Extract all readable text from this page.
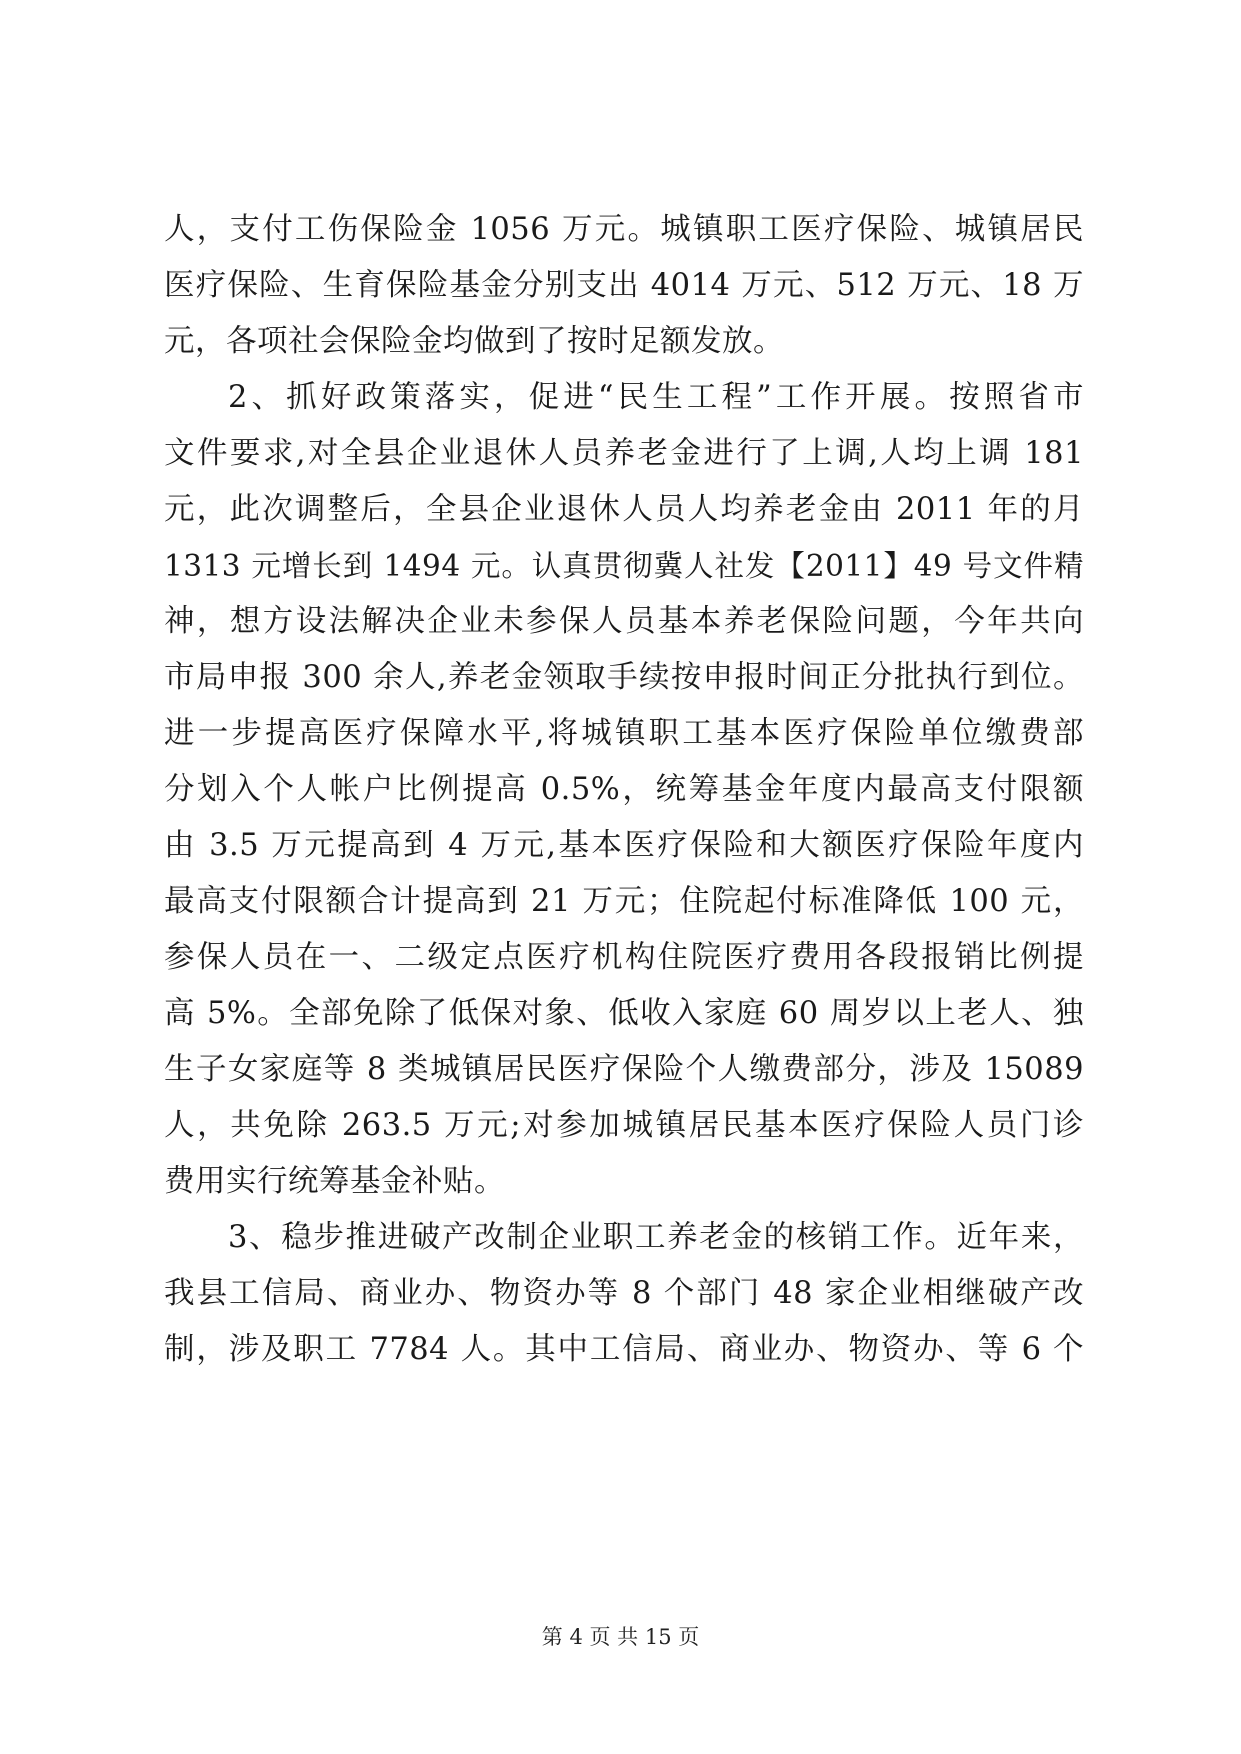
人，支付工伤保险金 1056 万元。城镇职工医疗保险、城镇居民
医疗保险、生育保险基金分别支出 4014 万元、512 万元、18 万
元，各项社会保险金均做到了按时足额发放。
2、抓好政策落实，促进“民生工程”工作开展。按照省市
文件要求,对全县企业退休人员养老金进行了上调,人均上调 181
元，此次调整后，全县企业退休人员人均养老金由 2011 年的月
1313 元增长到 1494 元。认真贯彻冀人社发【2011】49 号文件精
神，想方设法解决企业未参保人员基本养老保险问题，今年共向
市局申报 300 余人,养老金领取手续按申报时间正分批执行到位。
进一步提高医疗保障水平,将城镇职工基本医疗保险单位缴费部
分划入个人帐户比例提高 0.5%，统筹基金年度内最高支付限额
由 3.5 万元提高到 4 万元,基本医疗保险和大额医疗保险年度内
最高支付限额合计提高到 21 万元；住院起付标准降低 100 元，
参保人员在一、二级定点医疗机构住院医疗费用各段报销比例提
高 5%。全部免除了低保对象、低收入家庭 60 周岁以上老人、独
生子女家庭等 8 类城镇居民医疗保险个人缴费部分，涉及 15089
人，共免除 263.5 万元;对参加城镇居民基本医疗保险人员门诊
费用实行统筹基金补贴。
3、稳步推进破产改制企业职工养老金的核销工作。近年来，
我县工信局、商业办、物资办等 8 个部门 48 家企业相继破产改
制，涉及职工 7784 人。其中工信局、商业办、物资办、等 6 个
第 4 页 共 15 页
